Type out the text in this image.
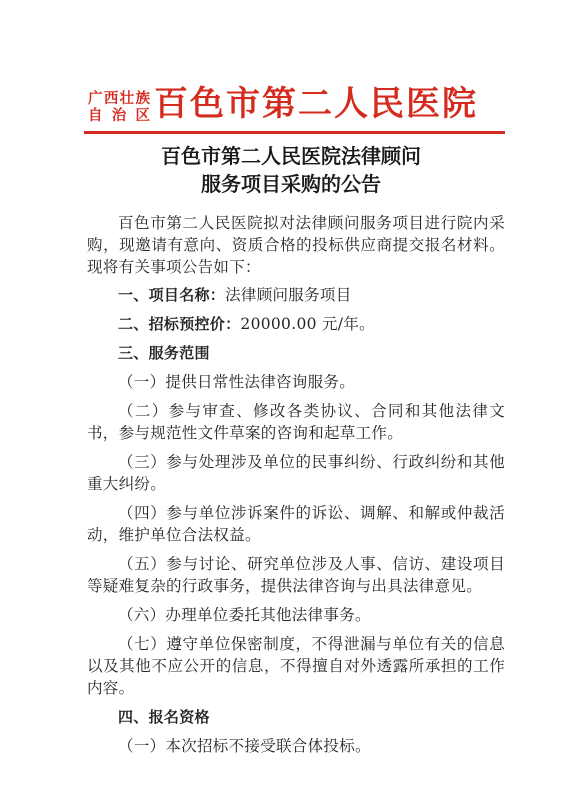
广西壮族
自 治 区 百色市第二人民医院
百色市第二人民医院法律顾问
服务项目采购的公告

百色市第二人民医院拟对法律顾问服务项目进行院内采购，现邀请有意向、资质合格的投标供应商提交报名材料。现将有关事项公告如下：

一、项目名称：法律顾问服务项目

二、招标预控价：20000.00 元/年。

三、服务范围

（一）提供日常性法律咨询服务。

（二）参与审查、修改各类协议、合同和其他法律文书，参与规范性文件草案的咨询和起草工作。

（三）参与处理涉及单位的民事纠纷、行政纠纷和其他重大纠纷。

（四）参与单位涉诉案件的诉讼、调解、和解或仲裁活动，维护单位合法权益。

（五）参与讨论、研究单位涉及人事、信访、建设项目等疑难复杂的行政事务，提供法律咨询与出具法律意见。

（六）办理单位委托其他法律事务。

（七）遵守单位保密制度，不得泄漏与单位有关的信息以及其他不应公开的信息，不得擅自对外透露所承担的工作内容。

四、报名资格

（一）本次招标不接受联合体投标。
